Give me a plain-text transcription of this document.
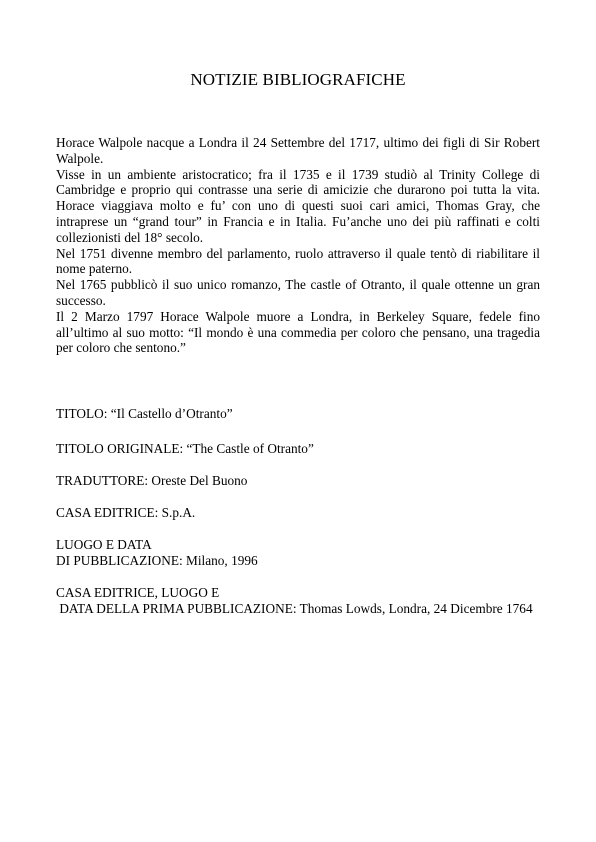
NOTIZIE BIBLIOGRAFICHE

Horace Walpole nacque a Londra il 24 Settembre del 1717, ultimo dei figli di Sir Robert Walpole.

Visse in un ambiente aristocratico; fra il 1735 e il 1739 studiò al Trinity College di Cambridge e proprio qui contrasse una serie di amicizie che durarono poi tutta la vita. Horace viaggiava molto e fu’ con uno di questi suoi cari amici, Thomas Gray, che intraprese un “grand tour” in Francia e in Italia. Fu’anche uno dei più raffinati e colti collezionisti del 18° secolo.

Nel 1751 divenne membro del parlamento, ruolo attraverso il quale tentò di riabilitare il nome paterno.

Nel 1765 pubblicò il suo unico romanzo, The castle of Otranto, il quale ottenne un gran successo.

Il 2 Marzo 1797 Horace Walpole muore a Londra, in Berkeley Square, fedele fino all’ultimo al suo motto: “Il mondo è una commedia per coloro che pensano, una tragedia per coloro che sentono.”

TITOLO: “Il Castello d’Otranto”

TITOLO ORIGINALE: “The Castle of Otranto”

TRADUTTORE: Oreste Del Buono

CASA EDITRICE: S.p.A.

LUOGO E DATA

DI PUBBLICAZIONE: Milano, 1996

CASA EDITRICE, LUOGO E

DATA DELLA PRIMA PUBBLICAZIONE: Thomas Lowds, Londra, 24 Dicembre 1764
